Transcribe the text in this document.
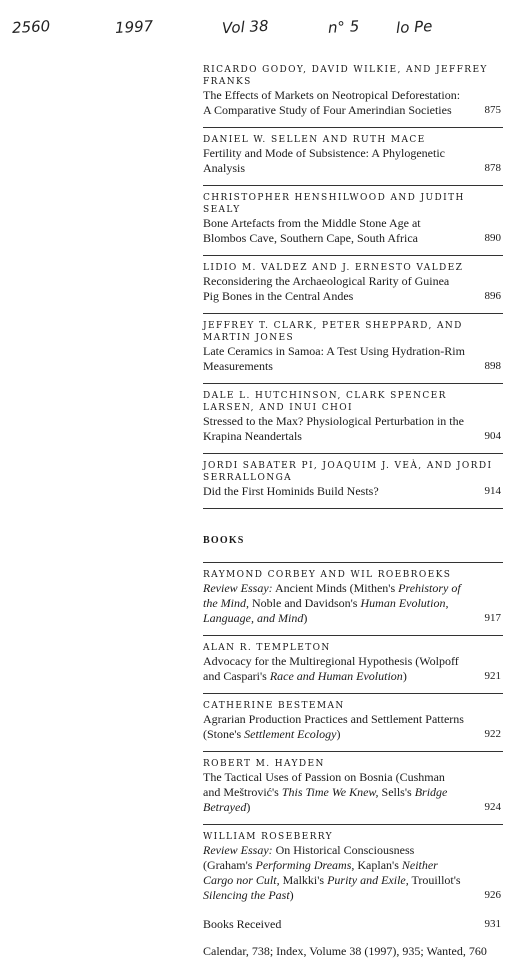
2560	1997	Vol 38	n° 5 lo Pe
RICARDO GODOY, DAVID WILKIE, AND JEFFREY FRANKS
The Effects of Markets on Neotropical Deforestation: A Comparative Study of Four Amerindian Societies	875
DANIEL W. SELLEN AND RUTH MACE
Fertility and Mode of Subsistence: A Phylogenetic Analysis	878
CHRISTOPHER HENSHILWOOD AND JUDITH SEALY
Bone Artefacts from the Middle Stone Age at Blombos Cave, Southern Cape, South Africa	890
LIDIO M. VALDEZ AND J. ERNESTO VALDEZ
Reconsidering the Archaeological Rarity of Guinea Pig Bones in the Central Andes	896
JEFFREY T. CLARK, PETER SHEPPARD, AND MARTIN JONES
Late Ceramics in Samoa: A Test Using Hydration-Rim Measurements	898
DALE L. HUTCHINSON, CLARK SPENCER LARSEN, AND INUI CHOI
Stressed to the Max? Physiological Perturbation in the Krapina Neandertals	904
JORDI SABATER PI, JOAQUIM J. VEÀ, AND JORDI SERRALLONGA
Did the First Hominids Build Nests?	914
BOOKS
RAYMOND CORBEY AND WIL ROEBROEKS
Review Essay: Ancient Minds (Mithen's Prehistory of the Mind, Noble and Davidson's Human Evolution, Language, and Mind)	917
ALAN R. TEMPLETON
Advocacy for the Multiregional Hypothesis (Wolpoff and Caspari's Race and Human Evolution)	921
CATHERINE BESTEMAN
Agrarian Production Practices and Settlement Patterns (Stone's Settlement Ecology)	922
ROBERT M. HAYDEN
The Tactical Uses of Passion on Bosnia (Cushman and Meštrović's This Time We Knew, Sells's Bridge Betrayed)	924
WILLIAM ROSEBERRY
Review Essay: On Historical Consciousness (Graham's Performing Dreams, Kaplan's Neither Cargo nor Cult, Malkki's Purity and Exile, Trouillot's Silencing the Past)	926
Books Received	931
Calendar, 738; Index, Volume 38 (1997), 935; Wanted, 760
